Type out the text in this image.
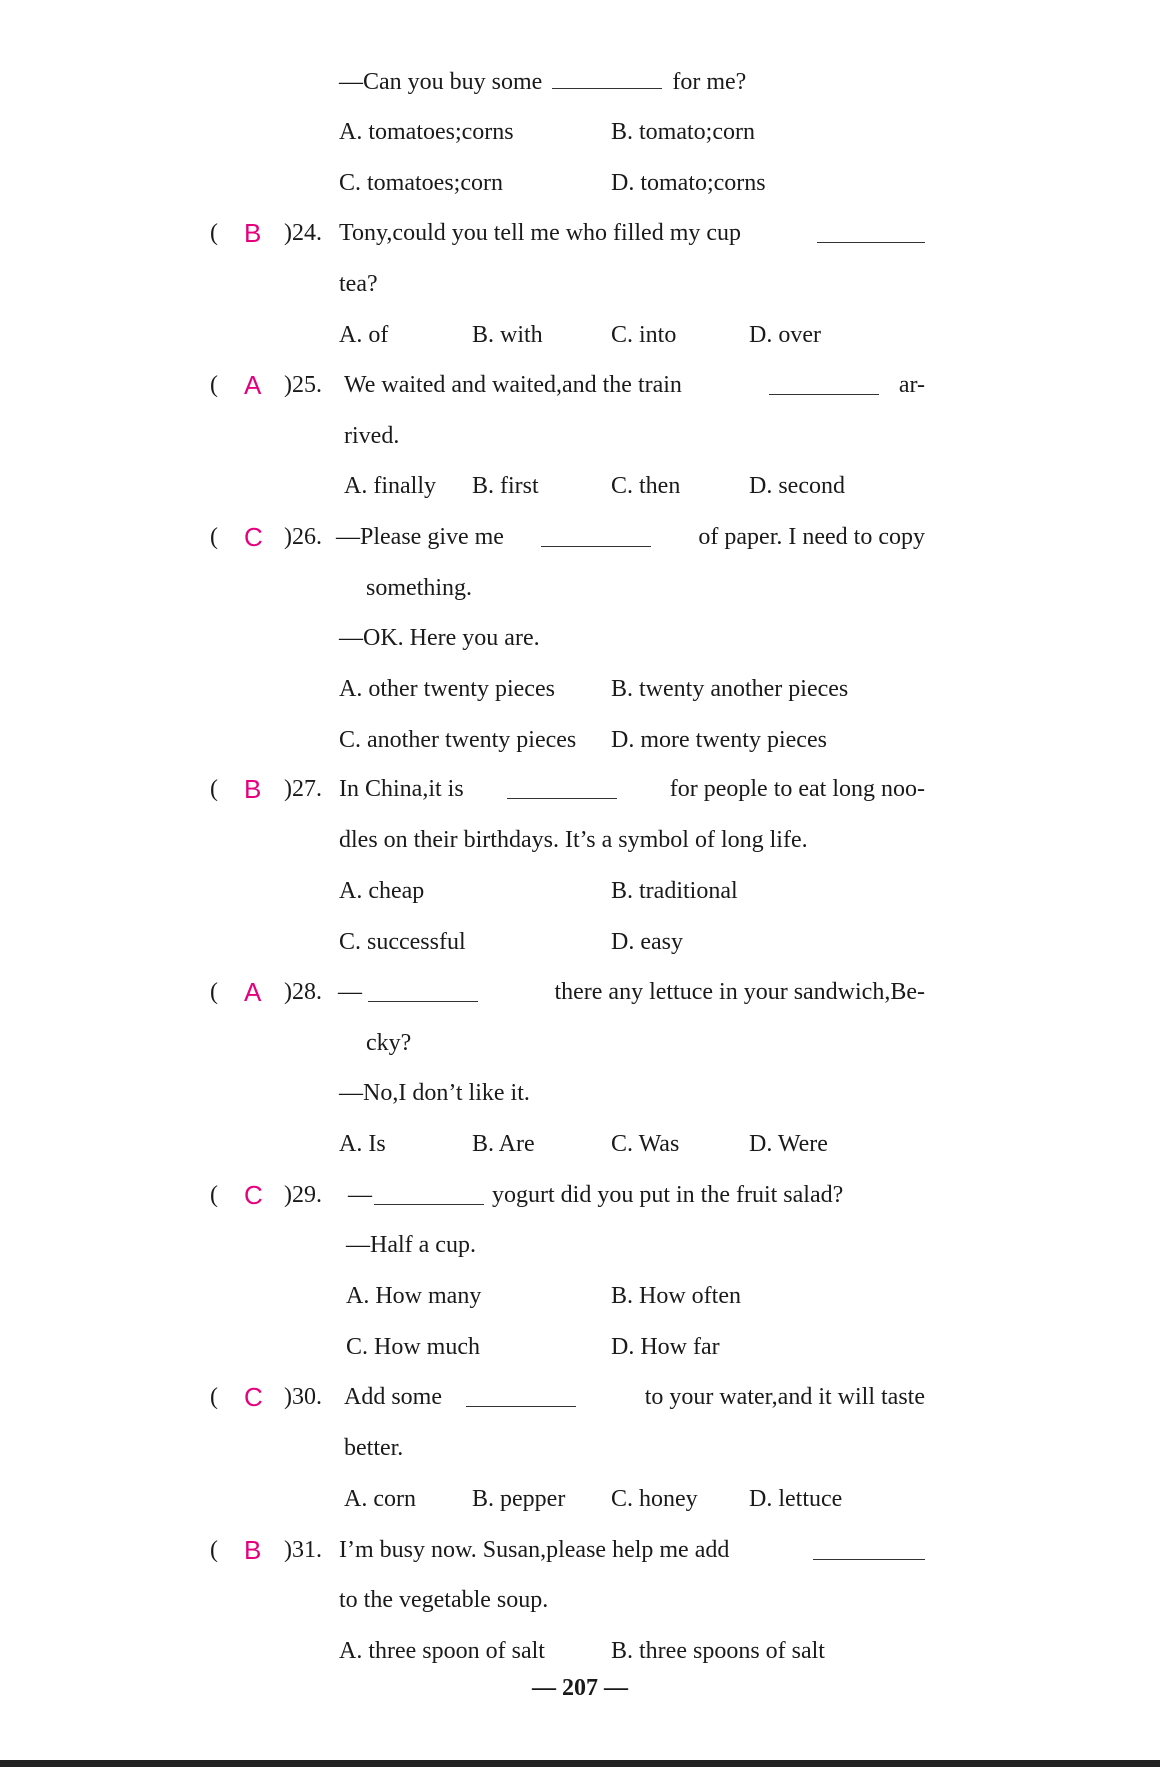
—Can you buy some	for me?
A. tomatoes;corns	B. tomato;corn
C. tomatoes;corn	D. tomato;corns
( B )24. Tony,could you tell me who filled my cup
tea?
A. of	B. with	C. into	D. over
( A )25. We waited and waited,and the train	ar-
rived.
A. finally B. first	C. then	D. second
( C )26. —Please give me	of paper. I need to copy
something.
—OK. Here you are.
A. other twenty pieces B. twenty another pieces
C. another twenty pieces D. more twenty pieces
( B )27. In China,it is	for people to eat long noo-
dles on their birthdays. It’s a symbol of long life.
A. cheap	B. traditional
C. successful	D. easy
( A )28. —	there any lettuce in your sandwich,Be-
cky?
—No,I don’t like it.
A. Is	B. Are	C. Was	D. Were
( C )29. —	yogurt did you put in the fruit salad?
—Half a cup.
A. How many	B. How often
C. How much	D. How far
( C )30. Add some	to your water,and it will taste
better.
A. corn B. pepper C. honey D. lettuce
( B )31. I’m busy now. Susan,please help me add
to the vegetable soup.
A. three spoon of salt	B. three spoons of salt
— 207 —
